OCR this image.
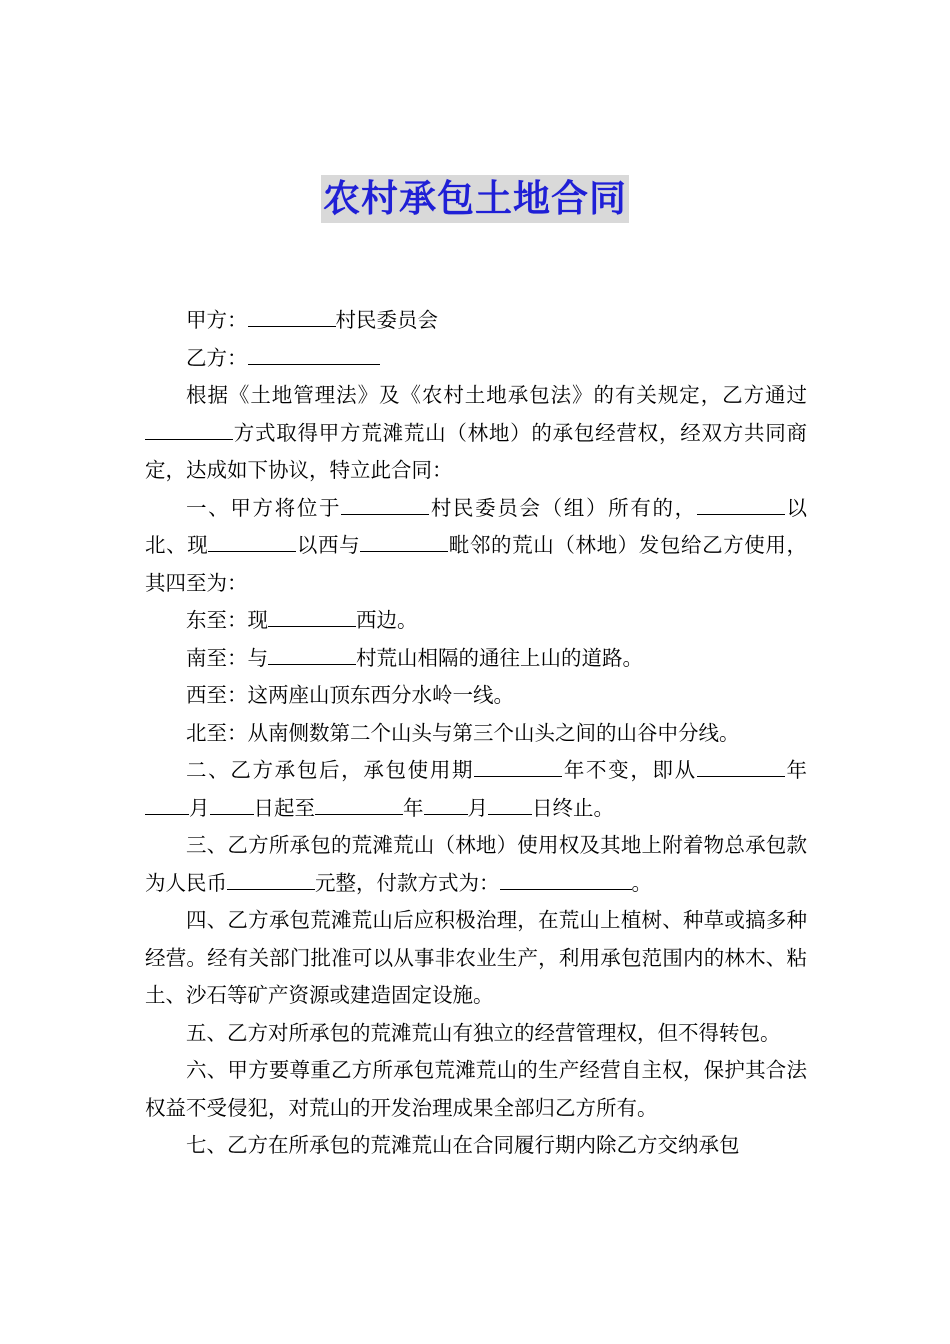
农村承包土地合同

甲方：	村民委员会

乙方：

根据《土地管理法》及《农村土地承包法》的有关规定，乙方通过方式取得甲方荒滩荒山（林地）的承包经营权，经双方共同商定，达成如下协议，特立此合同：

一、甲方将位于	村民委员会（组）所有的，	以北、现	以西与	毗邻的荒山（林地）发包给乙方使用，其四至为：

东至：现	西边。

南至：与	村荒山相隔的通往上山的道路。

西至：这两座山顶东西分水岭一线。

北至：从南侧数第二个山头与第三个山头之间的山谷中分线。

二、乙方承包后，承包使用期	年不变，即从	年月 日起至	年 月 日终止。

三、乙方所承包的荒滩荒山（林地）使用权及其地上附着物总承包款为人民币	元整，付款方式为：	。

四、乙方承包荒滩荒山后应积极治理，在荒山上植树、种草或搞多种经营。经有关部门批准可以从事非农业生产，利用承包范围内的林木、粘土、沙石等矿产资源或建造固定设施。

五、乙方对所承包的荒滩荒山有独立的经营管理权，但不得转包。

六、甲方要尊重乙方所承包荒滩荒山的生产经营自主权，保护其合法权益不受侵犯，对荒山的开发治理成果全部归乙方所有。

七、乙方在所承包的荒滩荒山在合同履行期内除乙方交纳承包
